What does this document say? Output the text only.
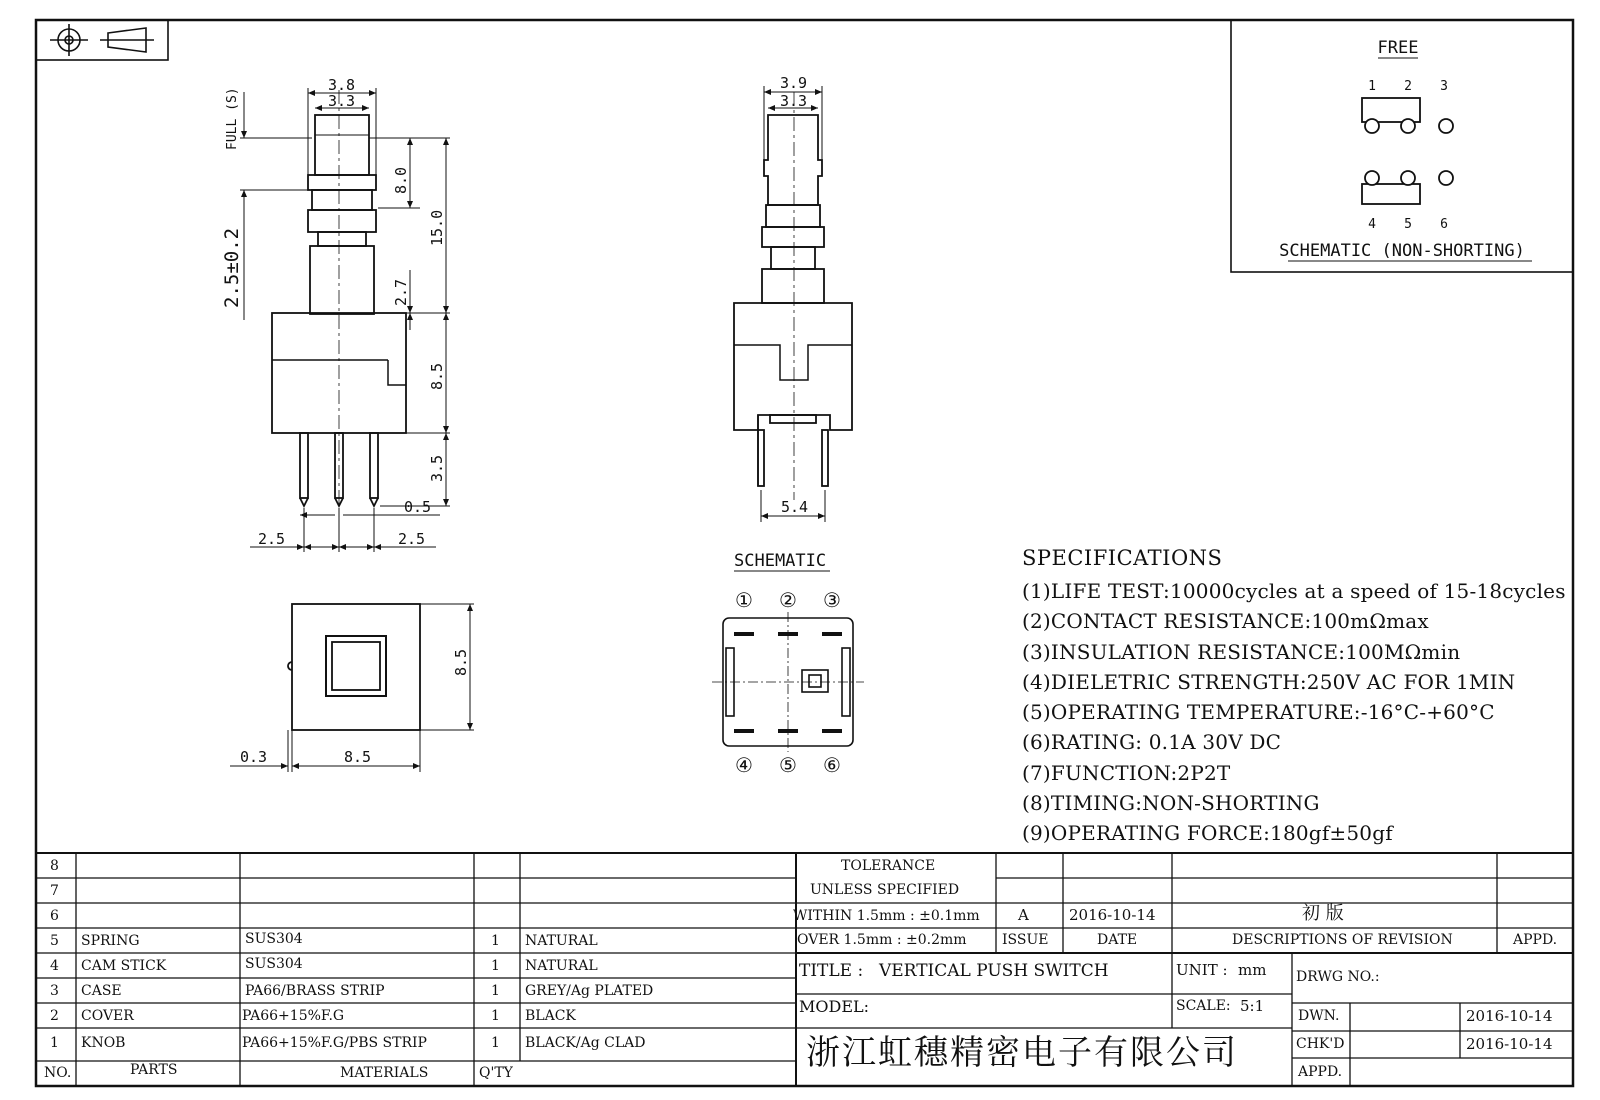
3.8
3.3
FULL (S)
2.5±0.2
8.0
15.0
2.7
8.5
3.5
0.5
2.5	2.5
3.9
3.3
5.4
8.5
8.5
0.3
SCHEMATIC
① ② ③
④ ⑤ ⑥
FREE
1 2 3
4 5 6
SCHEMATIC (NON-SHORTING)
SPECIFICATIONS
(1)LIFE TEST:10000cycles at a speed of 15-18cycles
(2)CONTACT RESISTANCE:100mΩmax
(3)INSULATION RESISTANCE:100MΩmin
(4)DIELETRIC STRENGTH:250V AC FOR 1MIN
(5)OPERATING TEMPERATURE:-16°C-+60°C
(6)RATING: 0.1A 30V DC
(7)FUNCTION:2P2T
(8)TIMING:NON-SHORTING
(9)OPERATING FORCE:180gf±50gf
8
7
6
5 SPRING	SUS304	1 NATURAL
4 CAM STICK	SUS304	1 NATURAL
3 CASE	PA66/BRASS STRIP	1 GREY/Ag PLATED
2 COVER	PA66+15%F.G	1 BLACK
1 KNOB	PA66+15%F.G/PBS STRIP	1 BLACK/Ag CLAD
NO.	PARTS	MATERIALS	Q'TY
TOLERANCE
UNLESS SPECIFIED
WITHIN 1.5mm : ±0.1mm
OVER 1.5mm : ±0.2mm
A	2016-10-14	初 版
ISSUE	DATE	DESCRIPTIONS OF REVISION	APPD.
TITLE : VERTICAL PUSH SWITCH	UNIT : mm DRWG NO.:
MODEL:	SCALE: 5:1
浙江虹穗精密电子有限公司
DWN.	2016-10-14
CHK'D	2016-10-14
APPD.
